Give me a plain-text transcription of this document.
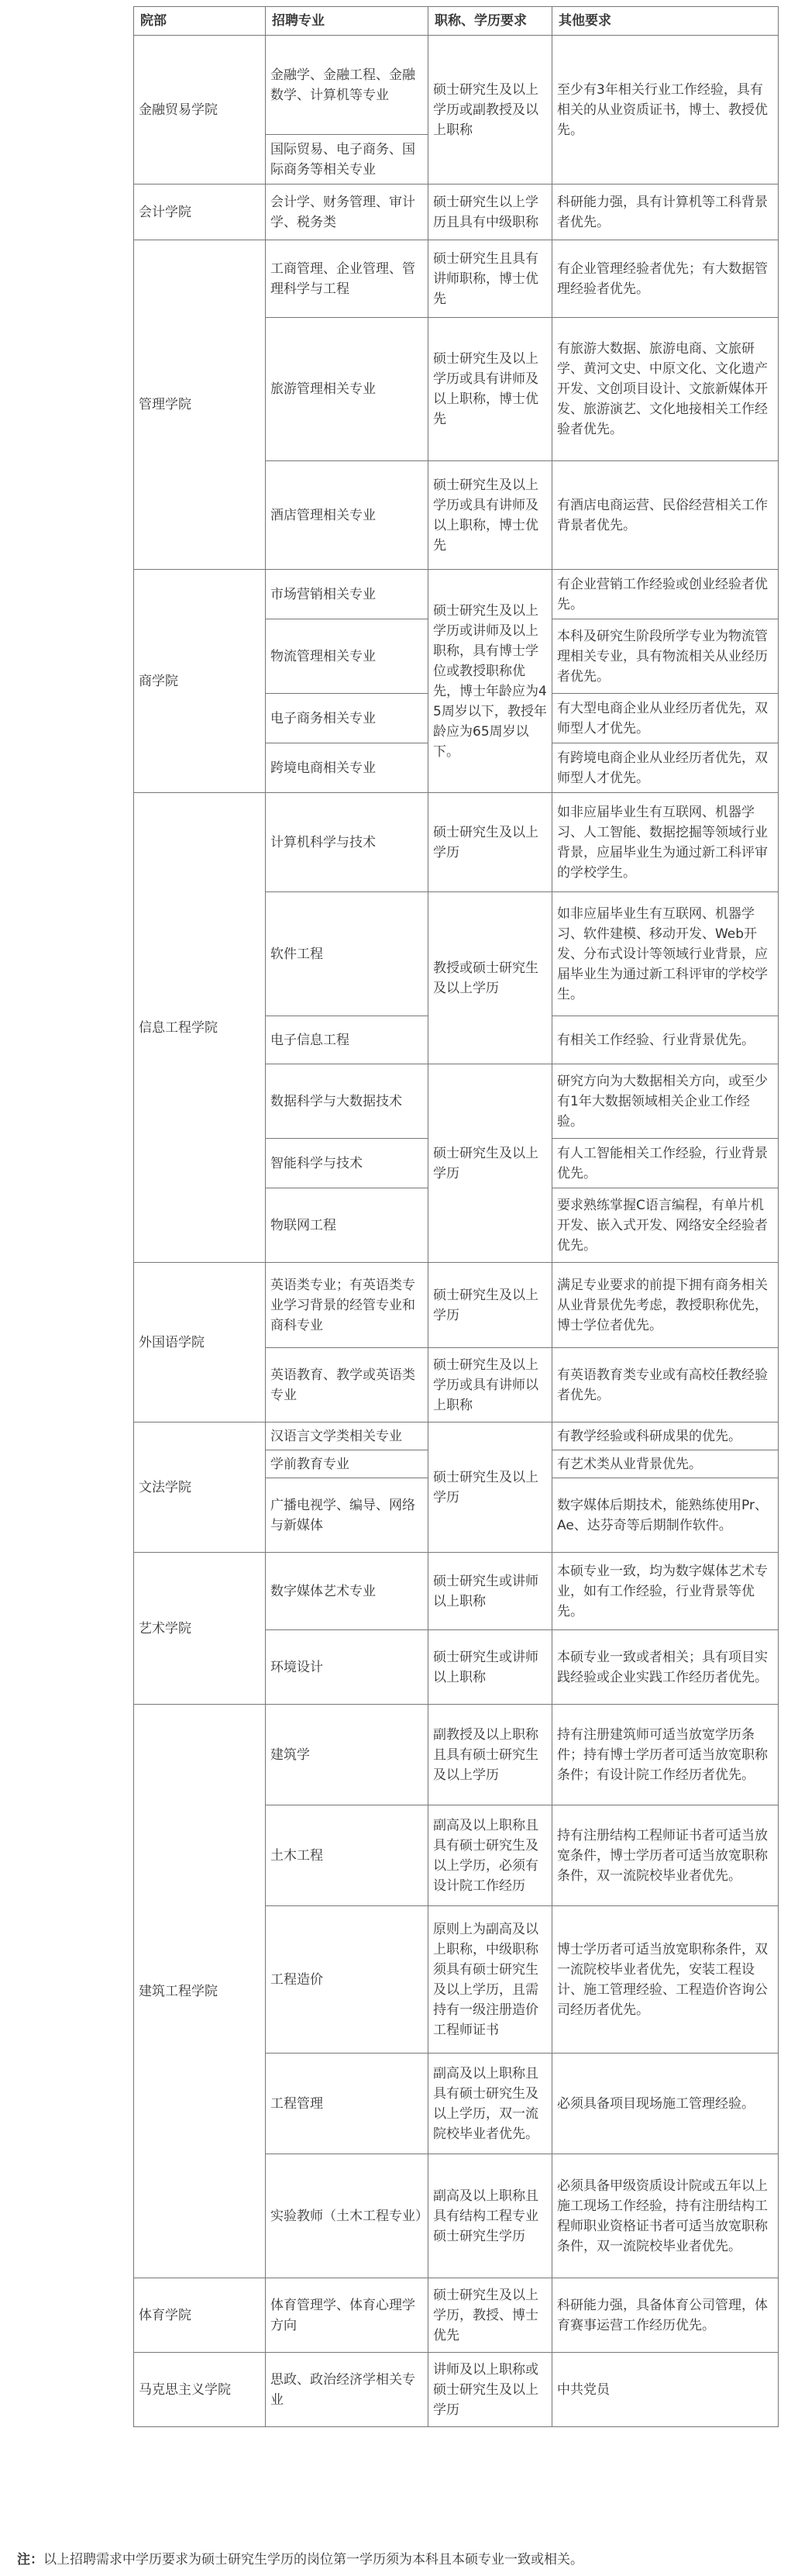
院部	招聘专业	职称、学历要求	其他要求
金融贸易学院	金融学、金融工程、金融数学、计算机等专业	硕士研究生及以上学历或副教授及以上职称	至少有3年相关行业工作经验，具有相关的从业资质证书，博士、教授优先。
	国际贸易、电子商务、国际商务等相关专业		
会计学院	会计学、财务管理、审计学、税务类	硕士研究生以上学历且具有中级职称	科研能力强，具有计算机等工科背景者优先。
管理学院	工商管理、企业管理、管理科学与工程	硕士研究生且具有讲师职称，博士优先	有企业管理经验者优先；有大数据管理经验者优先。
	旅游管理相关专业	硕士研究生及以上学历或具有讲师及以上职称，博士优先	有旅游大数据、旅游电商、文旅研学、黄河文史、中原文化、文化遗产开发、文创项目设计、文旅新媒体开发、旅游演艺、文化地接相关工作经验者优先。
	酒店管理相关专业	硕士研究生及以上学历或具有讲师及以上职称，博士优先	有酒店电商运营、民俗经营相关工作背景者优先。
商学院	市场营销相关专业	硕士研究生及以上学历或讲师及以上职称，具有博士学位或教授职称优先，博士年龄应为45周岁以下，教授年龄应为65周岁以下。	有企业营销工作经验或创业经验者优先。
	物流管理相关专业		本科及研究生阶段所学专业为物流管理相关专业，具有物流相关从业经历者优先。
	电子商务相关专业		有大型电商企业从业经历者优先，双师型人才优先。
	跨境电商相关专业		有跨境电商企业从业经历者优先，双师型人才优先。
信息工程学院	计算机科学与技术	硕士研究生及以上学历	如非应届毕业生有互联网、机器学习、人工智能、数据挖掘等领域行业背景，应届毕业生为通过新工科评审的学校学生。
	软件工程	教授或硕士研究生及以上学历	如非应届毕业生有互联网、机器学习、软件建模、移动开发、Web开发、分布式设计等领域行业背景，应届毕业生为通过新工科评审的学校学生。
	电子信息工程		有相关工作经验、行业背景优先。
	数据科学与大数据技术	硕士研究生及以上学历	研究方向为大数据相关方向，或至少有1年大数据领域相关企业工作经验。
	智能科学与技术		有人工智能相关工作经验，行业背景优先。
	物联网工程		要求熟练掌握C语言编程，有单片机开发、嵌入式开发、网络安全经验者优先。
外国语学院	英语类专业；有英语类专业学习背景的经管专业和商科专业	硕士研究生及以上学历	满足专业要求的前提下拥有商务相关从业背景优先考虑，教授职称优先，博士学位者优先。
	英语教育、教学或英语类专业	硕士研究生及以上学历或具有讲师以上职称	有英语教育类专业或有高校任教经验者优先。
文法学院	汉语言文学类相关专业	硕士研究生及以上学历	有教学经验或科研成果的优先。
	学前教育专业		有艺术类从业背景优先。
	广播电视学、编导、网络与新媒体		数字媒体后期技术，能熟练使用Pr、Ae、达芬奇等后期制作软件。
艺术学院	数字媒体艺术专业	硕士研究生或讲师以上职称	本硕专业一致，均为数字媒体艺术专业，如有工作经验，行业背景等优先。
	环境设计	硕士研究生或讲师以上职称	本硕专业一致或者相关；具有项目实践经验或企业实践工作经历者优先。
建筑工程学院	建筑学	副教授及以上职称且具有硕士研究生及以上学历	持有注册建筑师可适当放宽学历条件；持有博士学历者可适当放宽职称条件；有设计院工作经历者优先。
	土木工程	副高及以上职称且具有硕士研究生及以上学历，必须有设计院工作经历	持有注册结构工程师证书者可适当放宽条件，博士学历者可适当放宽职称条件，双一流院校毕业者优先。
	工程造价	原则上为副高及以上职称，中级职称须具有硕士研究生及以上学历，且需持有一级注册造价工程师证书	博士学历者可适当放宽职称条件，双一流院校毕业者优先，安装工程设计、施工管理经验、工程造价咨询公司经历者优先。
	工程管理	副高及以上职称且具有硕士研究生及以上学历，双一流院校毕业者优先。	必须具备项目现场施工管理经验。
	实验教师（土木工程专业）	副高及以上职称且具有结构工程专业硕士研究生学历	必须具备甲级资质设计院或五年以上施工现场工作经验，持有注册结构工程师职业资格证书者可适当放宽职称条件，双一流院校毕业者优先。
体育学院	体育管理学、体育心理学方向	硕士研究生及以上学历，教授、博士优先	科研能力强，具备体育公司管理，体育赛事运营工作经历优先。
马克思主义学院	思政、政治经济学相关专业	讲师及以上职称或硕士研究生及以上学历	中共党员
注：以上招聘需求中学历要求为硕士研究生学历的岗位第一学历须为本科且本硕专业一致或相关。
